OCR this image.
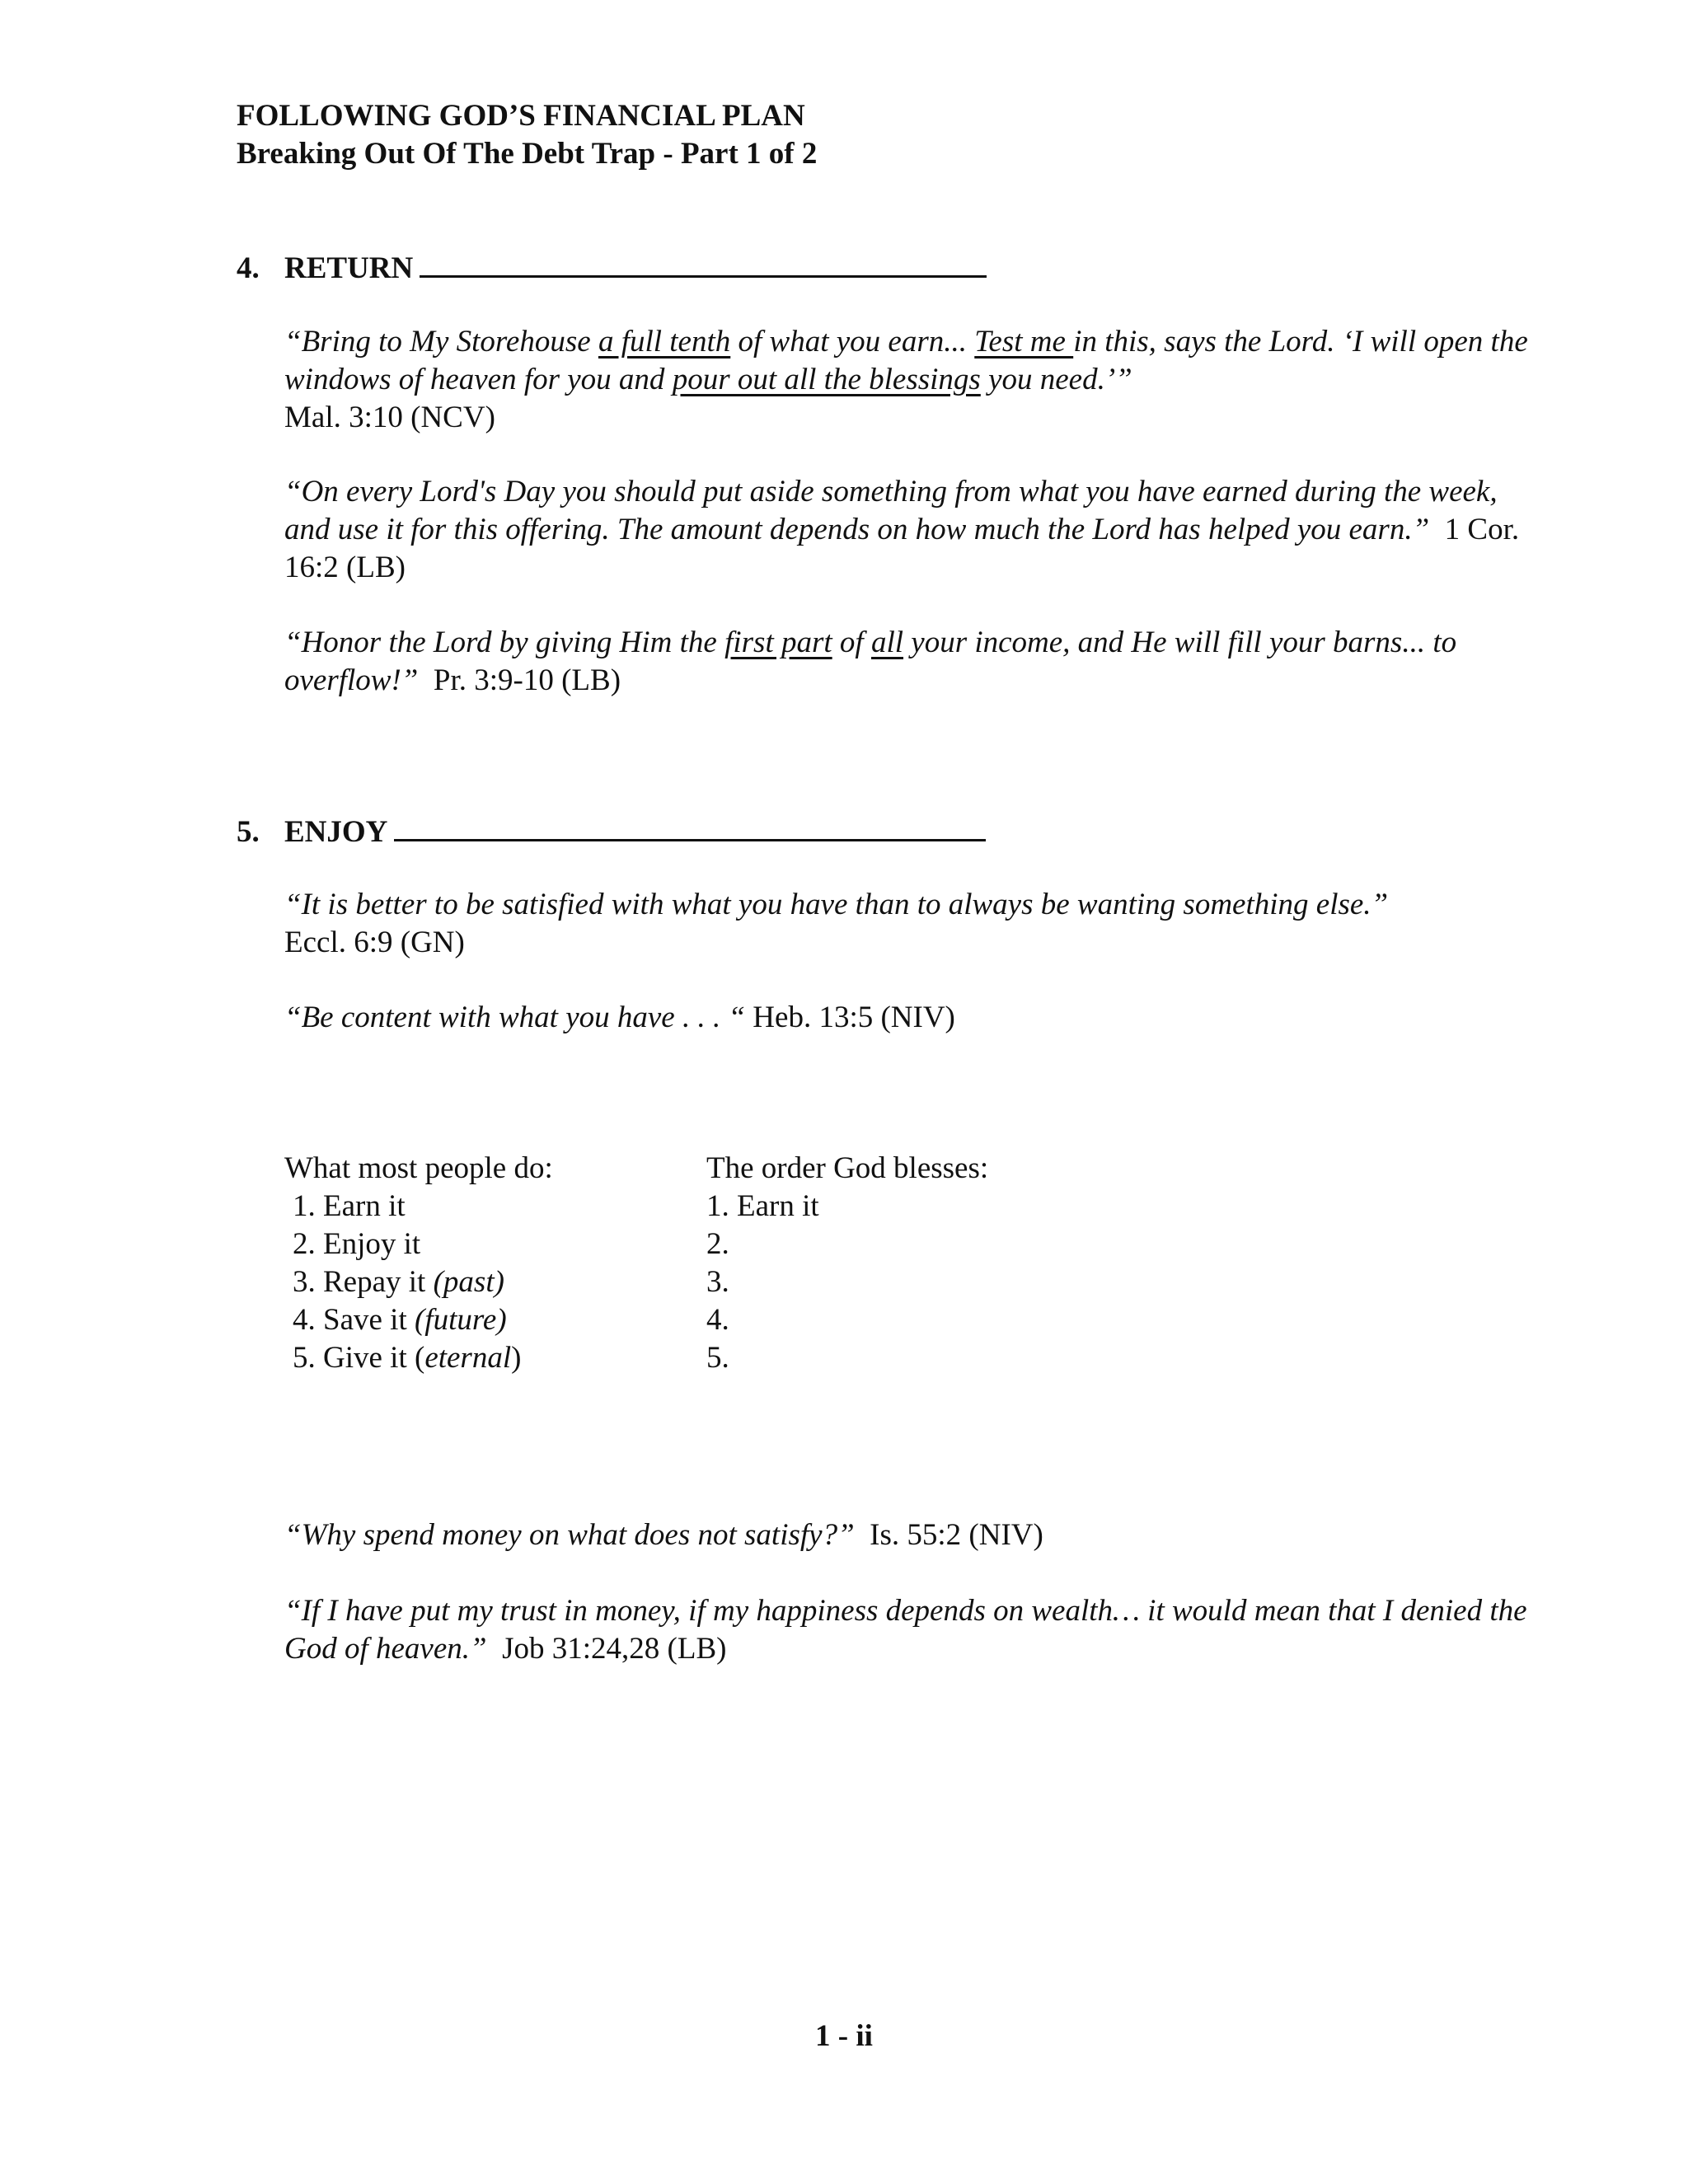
FOLLOWING GOD’S FINANCIAL PLAN
Breaking Out Of The Debt Trap - Part 1 of 2
4. RETURN
“Bring to My Storehouse a full tenth of what you earn... Test me in this, says the Lord. ‘I will open the windows of heaven for you and pour out all the blessings you need.’”
Mal. 3:10 (NCV)
“On every Lord's Day you should put aside something from what you have earned during the week, and use it for this offering. The amount depends on how much the Lord has helped you earn.” 1 Cor. 16:2 (LB)
“Honor the Lord by giving Him the first part of all your income, and He will fill your barns... to overflow!” Pr. 3:9-10 (LB)
5. ENJOY
“It is better to be satisfied with what you have than to always be wanting something else.”
Eccl. 6:9 (GN)
“Be content with what you have . . . “ Heb. 13:5 (NIV)
What most people do:
1. Earn it
2. Enjoy it
3. Repay it (past)
4. Save it (future)
5. Give it (eternal)
The order God blesses:
1. Earn it
2.
3.
4.
5.
“Why spend money on what does not satisfy?” Is. 55:2 (NIV)
“If I have put my trust in money, if my happiness depends on wealth… it would mean that I denied the God of heaven.” Job 31:24,28 (LB)
1 - ii
